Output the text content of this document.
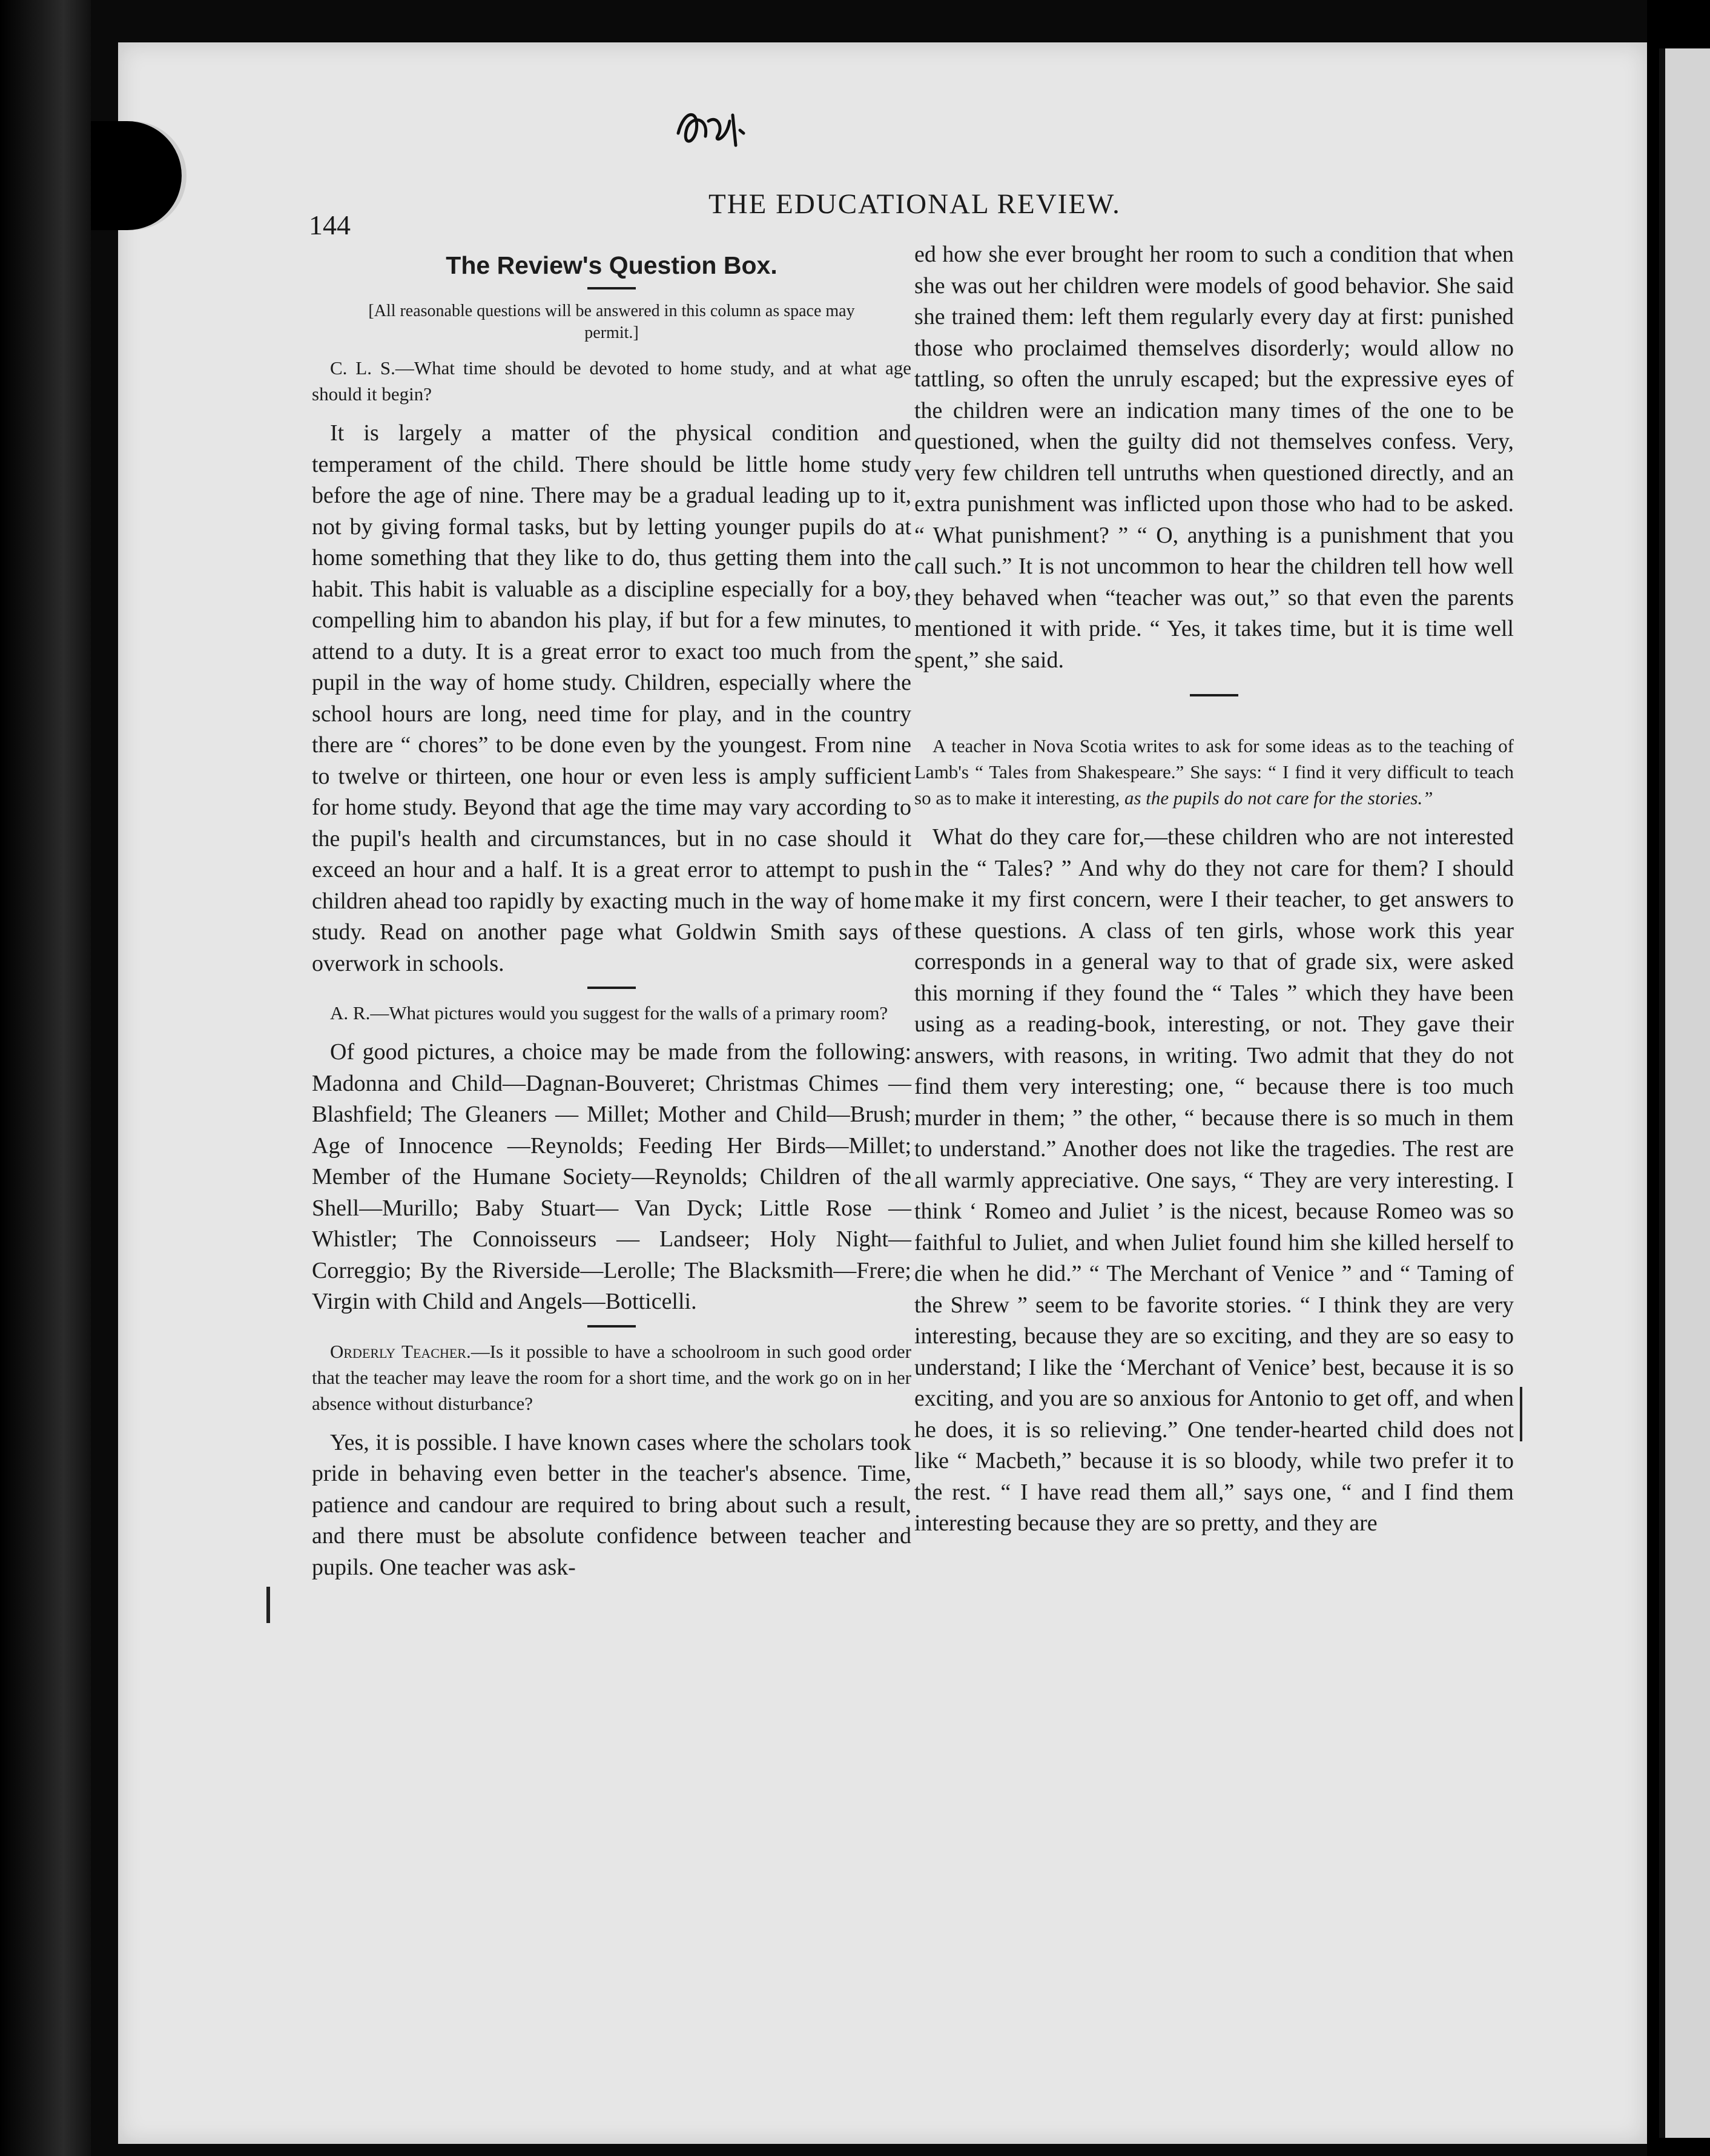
144
THE EDUCATIONAL REVIEW.
The Review's Question Box.
[All reasonable questions will be answered in this column as space may permit.]

C. L. S.—What time should be devoted to home study, and at what age should it begin?

It is largely a matter of the physical condition and temperament of the child. There should be little home study before the age of nine. There may be a gradual leading up to it, not by giving formal tasks, but by letting younger pupils do at home something that they like to do, thus getting them into the habit. This habit is valuable as a discipline especially for a boy, compelling him to abandon his play, if but for a few minutes, to attend to a duty. It is a great error to exact too much from the pupil in the way of home study. Children, especially where the school hours are long, need time for play, and in the country there are “ chores” to be done even by the youngest. From nine to twelve or thirteen, one hour or even less is amply sufficient for home study. Beyond that age the time may vary according to the pupil's health and circumstances, but in no case should it exceed an hour and a half. It is a great error to attempt to push children ahead too rapidly by exacting much in the way of home study. Read on another page what Goldwin Smith says of overwork in schools.

A. R.—What pictures would you suggest for the walls of a primary room?

Of good pictures, a choice may be made from the following: Madonna and Child—Dagnan-Bouveret; Christmas Chimes — Blashfield; The Gleaners — Millet; Mother and Child—Brush; Age of Innocence —Reynolds; Feeding Her Birds—Millet; Member of the Humane Society—Reynolds; Children of the Shell—Murillo; Baby Stuart— Van Dyck; Little Rose — Whistler; The Connoisseurs — Landseer; Holy Night—Correggio; By the Riverside—Lerolle; The Blacksmith—Frere; Virgin with Child and Angels—Botticelli.

Orderly Teacher.—Is it possible to have a schoolroom in such good order that the teacher may leave the room for a short time, and the work go on in her absence without disturbance?

Yes, it is possible. I have known cases where the scholars took pride in behaving even better in the teacher's absence. Time, patience and candour are required to bring about such a result, and there must be absolute confidence between teacher and pupils. One teacher was ask-

ed how she ever brought her room to such a condition that when she was out her children were models of good behavior. She said she trained them: left them regularly every day at first: punished those who proclaimed themselves disorderly; would allow no tattling, so often the unruly escaped; but the expressive eyes of the children were an indication many times of the one to be questioned, when the guilty did not themselves confess. Very, very few children tell untruths when questioned directly, and an extra punishment was inflicted upon those who had to be asked. “ What punishment? ” “ O, anything is a punishment that you call such.” It is not uncommon to hear the children tell how well they behaved when “teacher was out,” so that even the parents mentioned it with pride. “ Yes, it takes time, but it is time well spent,” she said.

A teacher in Nova Scotia writes to ask for some ideas as to the teaching of Lamb's “ Tales from Shakespeare.” She says: “ I find it very difficult to teach so as to make it interesting, as the pupils do not care for the stories.”

What do they care for,—these children who are not interested in the “ Tales? ” And why do they not care for them? I should make it my first concern, were I their teacher, to get answers to these questions. A class of ten girls, whose work this year corresponds in a general way to that of grade six, were asked this morning if they found the “ Tales ” which they have been using as a reading-book, interesting, or not. They gave their answers, with reasons, in writing. Two admit that they do not find them very interesting; one, “ because there is too much murder in them; ” the other, “ because there is so much in them to understand.” Another does not like the tragedies. The rest are all warmly appreciative. One says, “ They are very interesting. I think ‘ Romeo and Juliet ’ is the nicest, because Romeo was so faithful to Juliet, and when Juliet found him she killed herself to die when he did.” “ The Merchant of Venice ” and “ Taming of the Shrew ” seem to be favorite stories. “ I think they are very interesting, because they are so exciting, and they are so easy to understand; I like the ‘Merchant of Venice’ best, because it is so exciting, and you are so anxious for Antonio to get off, and when he does, it is so relieving.” One tender-hearted child does not like “ Macbeth,” because it is so bloody, while two prefer it to the rest. “ I have read them all,” says one, “ and I find them interesting because they are so pretty, and they are
